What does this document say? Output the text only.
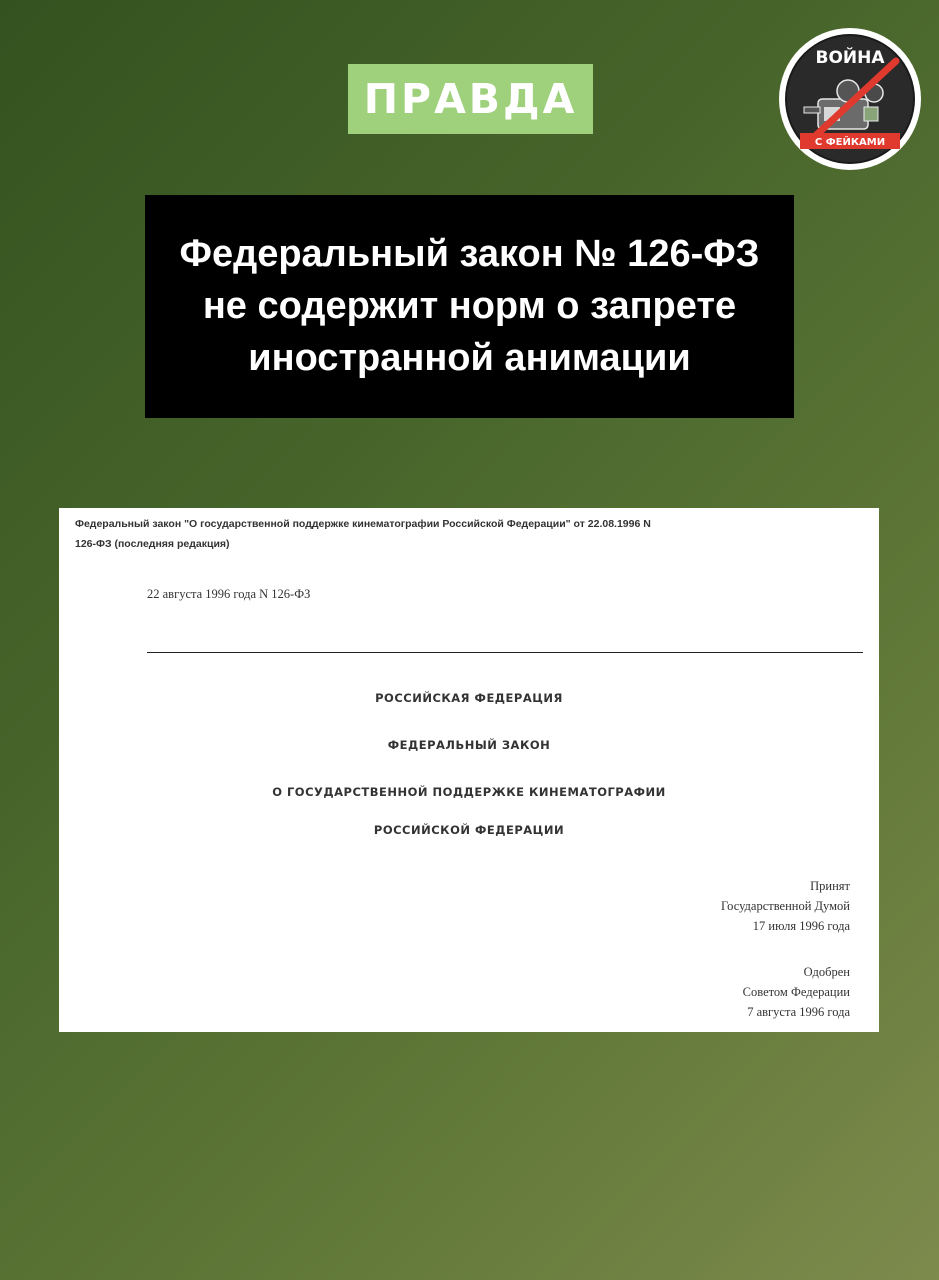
ПРАВДА
ВОЙНА
С ФЕЙКАМИ
Федеральный закон № 126-ФЗ
не содержит норм о запрете
иностранной анимации
Федеральный закон "О государственной поддержке кинематографии Российской Федерации" от 22.08.1996 N
126-ФЗ (последняя редакция)
22 августа 1996 года N 126-ФЗ
РОССИЙСКАЯ ФЕДЕРАЦИЯ
ФЕДЕРАЛЬНЫЙ ЗАКОН
О ГОСУДАРСТВЕННОЙ ПОДДЕРЖКЕ КИНЕМАТОГРАФИИ
РОССИЙСКОЙ ФЕДЕРАЦИИ
Принят
Государственной Думой
17 июля 1996 года
Одобрен
Советом Федерации
7 августа 1996 года
